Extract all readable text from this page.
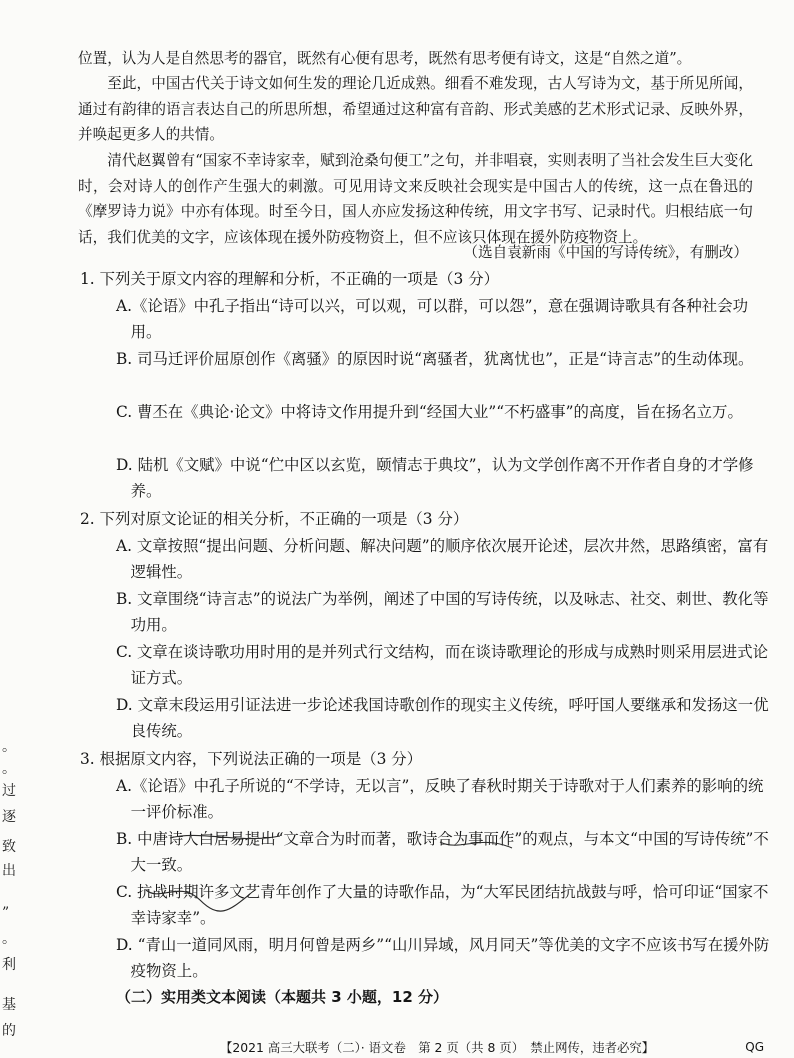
位置，认为人是自然思考的器官，既然有心便有思考，既然有思考便有诗文，这是“自然之道”。

至此，中国古代关于诗文如何生发的理论几近成熟。细看不难发现，古人写诗为文，基于所见所闻，通过有韵律的语言表达自己的所思所想，希望通过这种富有音韵、形式美感的艺术形式记录、反映外界，并唤起更多人的共情。

清代赵翼曾有“国家不幸诗家幸，赋到沧桑句便工”之句，并非唱衰，实则表明了当社会发生巨大变化时，会对诗人的创作产生强大的刺激。可见用诗文来反映社会现实是中国古人的传统，这一点在鲁迅的《摩罗诗力说》中亦有体现。时至今日，国人亦应发扬这种传统，用文字书写、记录时代。归根结底一句话，我们优美的文字，应该体现在援外防疫物资上，但不应该只体现在援外防疫物资上。

（选自袁新雨《中国的写诗传统》，有删改）

1. 下列关于原文内容的理解和分析，不正确的一项是（3 分）

A.《论语》中孔子指出“诗可以兴，可以观，可以群，可以怨”，意在强调诗歌具有各种社会功用。

B. 司马迁评价屈原创作《离骚》的原因时说“离骚者，犹离忧也”，正是“诗言志”的生动体现。

C. 曹丕在《典论·论文》中将诗文作用提升到“经国大业”“不朽盛事”的高度，旨在扬名立万。

D. 陆机《文赋》中说“伫中区以玄览，颐情志于典坟”，认为文学创作离不开作者自身的才学修养。

2. 下列对原文论证的相关分析，不正确的一项是（3 分）

A. 文章按照“提出问题、分析问题、解决问题”的顺序依次展开论述，层次井然，思路缜密，富有逻辑性。

B. 文章围绕“诗言志”的说法广为举例，阐述了中国的写诗传统，以及咏志、社交、刺世、教化等功用。

C. 文章在谈诗歌功用时用的是并列式行文结构，而在谈诗歌理论的形成与成熟时则采用层进式论证方式。

D. 文章末段运用引证法进一步论述我国诗歌创作的现实主义传统，呼吁国人要继承和发扬这一优良传统。

3. 根据原文内容，下列说法正确的一项是（3 分）

A.《论语》中孔子所说的“不学诗，无以言”，反映了春秋时期关于诗歌对于人们素养的影响的统一评价标准。

B. 中唐诗人白居易提出“文章合为时而著，歌诗合为事而作”的观点，与本文“中国的写诗传统”不大一致。

C. 抗战时期许多文艺青年创作了大量的诗歌作品，为“大军民团结抗战鼓与呼，恰可印证“国家不幸诗家幸”。

D. “青山一道同风雨，明月何曾是两乡”“山川异域，风月同天”等优美的文字不应该书写在援外防疫物资上。

（二）实用类文本阅读（本题共 3 小题，12 分）

【2021 高三大联考（二）· 语文卷　第 2 页（共 8 页）　禁止网传，违者必究】	QG
。
。
过
逐
致
出
”
。
利
基
的
